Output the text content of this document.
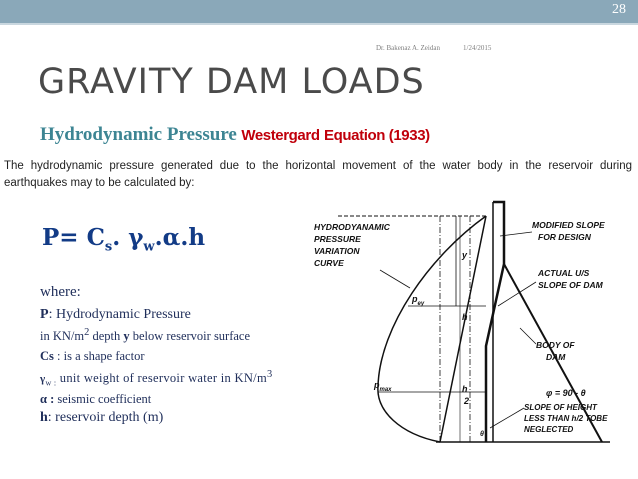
28
Dr. Bakenaz A. Zeidan	1/24/2015
GRAVITY DAM LOADS
Hydrodynamic Pressure Westergard Equation (1933)
The hydrodynamic pressure generated due to the horizontal movement of the water body in the reservoir during earthquakes may to be calculated by:
$P= C_s$. $\gamma_w.\alpha.h$
where:
P: Hydrodynamic Pressure
in $KN/m^2$ depth y below reservoir surface
Cs : is a shape factor
$\gamma_{w :}$ unit weight of reservoir water in $KN/m^3$
α : seismic coefficient
h: reservoir depth (m)
HYDRODYANAMIC
PRESSURE
VARIATION
CURVE
MODIFIED SLOPE
FOR DESIGN
ACTUAL U/S
SLOPE OF DAM
BODY OF
DAM
φ = 90 - θ
SLOPE OF HEIGHT
LESS THAN h/2 TOBE
NEGLECTED
y
$p_{ey}$
h
$p_{max}$	h
2
θ
